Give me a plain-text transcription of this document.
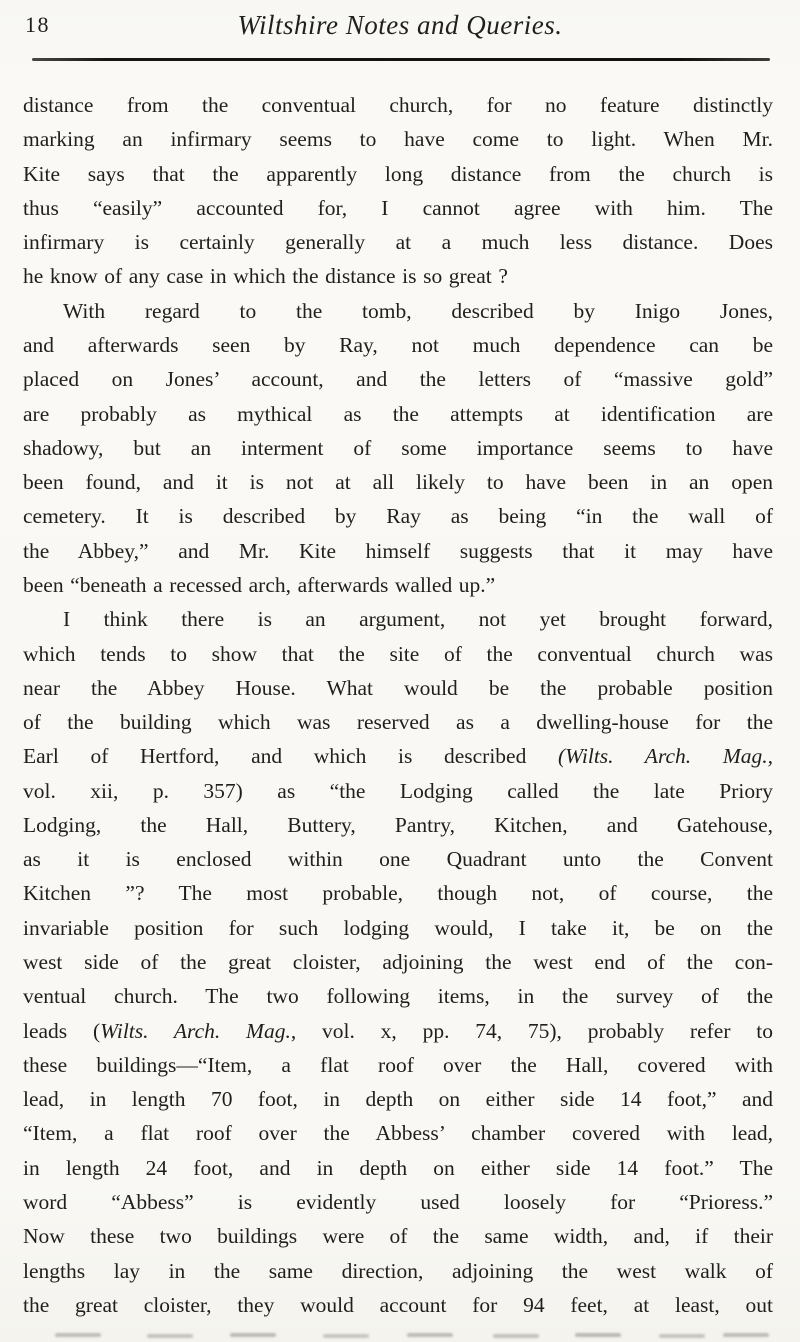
18	Wiltshire Notes and Queries.
distance from the conventual church, for no feature distinctly
marking an infirmary seems to have come to light. When Mr.
Kite says that the apparently long distance from the church is
thus “easily” accounted for, I cannot agree with him. The
infirmary is certainly generally at a much less distance. Does
he know of any case in which the distance is so great ?
With regard to the tomb, described by Inigo Jones,
and afterwards seen by Ray, not much dependence can be
placed on Jones’ account, and the letters of “massive gold”
are probably as mythical as the attempts at identification are
shadowy, but an interment of some importance seems to have
been found, and it is not at all likely to have been in an open
cemetery. It is described by Ray as being “in the wall of
the Abbey,” and Mr. Kite himself suggests that it may have
been “beneath a recessed arch, afterwards walled up.”
I think there is an argument, not yet brought forward,
which tends to show that the site of the conventual church was
near the Abbey House. What would be the probable position
of the building which was reserved as a dwelling-house for the
Earl of Hertford, and which is described (Wilts. Arch. Mag.,
vol. xii, p. 357) as “the Lodging called the late Priory
Lodging, the Hall, Buttery, Pantry, Kitchen, and Gatehouse,
as it is enclosed within one Quadrant unto the Convent
Kitchen ”? The most probable, though not, of course, the
invariable position for such lodging would, I take it, be on the
west side of the great cloister, adjoining the west end of the con-
ventual church. The two following items, in the survey of the
leads (Wilts. Arch. Mag., vol. x, pp. 74, 75), probably refer to
these buildings—“Item, a flat roof over the Hall, covered with
lead, in length 70 foot, in depth on either side 14 foot,” and
“Item, a flat roof over the Abbess’ chamber covered with lead,
in length 24 foot, and in depth on either side 14 foot.” The
word “Abbess” is evidently used loosely for “Prioress.”
Now these two buildings were of the same width, and, if their
lengths lay in the same direction, adjoining the west walk of
the great cloister, they would account for 94 feet, at least, out
